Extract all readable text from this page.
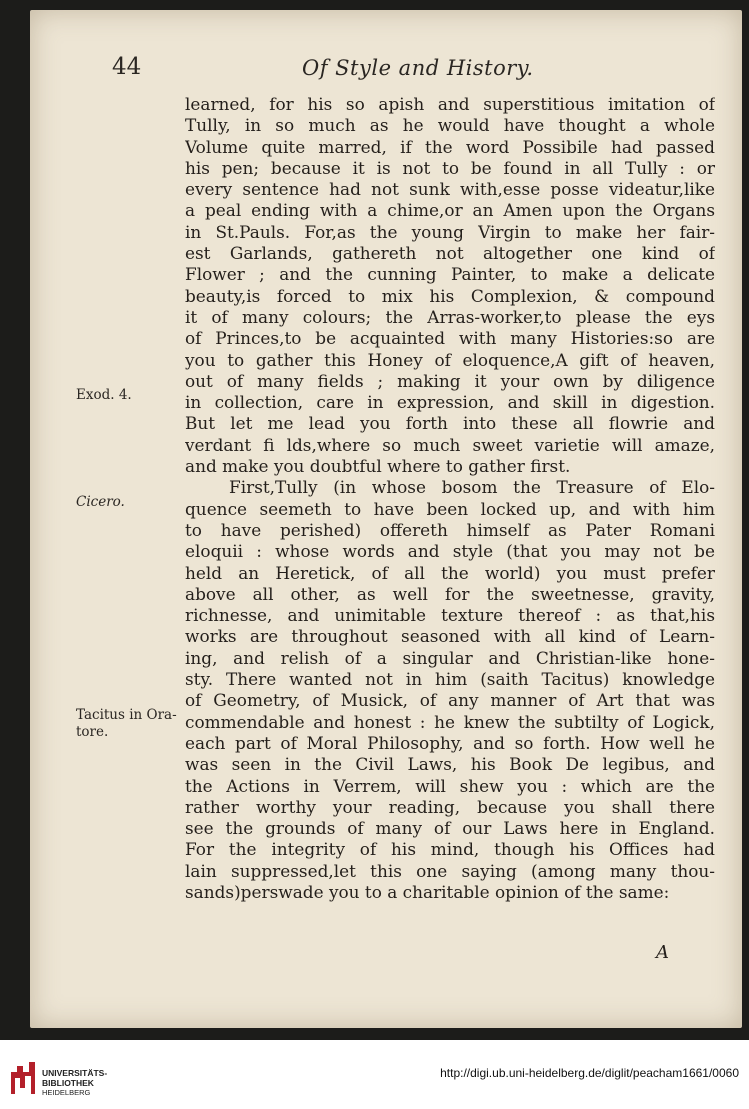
44	Of Style and History.
Exod. 4.
Cicero.
Tacitus in Ora-
tore.
learned, for his so apish and superstitious imitation of
Tully, in so much as he would have thought a whole
Volume quite marred, if the word Possibile had passed
his pen; because it is not to be found in all Tully : or
every sentence had not sunk with,esse posse videatur,like
a peal ending with a chime,or an Amen upon the Organs
in St.Pauls. For,as the young Virgin to make her fair-
est Garlands, gathereth not altogether one kind of
Flower ; and the cunning Painter, to make a delicate
beauty,is forced to mix his Complexion, & compound
it of many colours; the Arras-worker,to please the eys
of Princes,to be acquainted with many Histories:so are
you to gather this Honey of eloquence,A gift of heaven,
out of many fields ; making it your own by diligence
in collection, care in expression, and skill in digestion.
But let me lead you forth into these all flowrie and
verdant fi lds,where so much sweet varietie will amaze,
and make you doubtful where to gather first.
First,Tully (in whose bosom the Treasure of Elo-
quence seemeth to have been locked up, and with him
to have perished) offereth himself as Pater Romani
eloquii : whose words and style (that you may not be
held an Heretick, of all the world) you must prefer
above all other, as well for the sweetnesse, gravity,
richnesse, and unimitable texture thereof : as that,his
works are throughout seasoned with all kind of Learn-
ing, and relish of a singular and Christian-like hone-
sty. There wanted not in him (saith Tacitus) knowledge
of Geometry, of Musick, of any manner of Art that was
commendable and honest : he knew the subtilty of Logick,
each part of Moral Philosophy, and so forth. How well he
was seen in the Civil Laws, his Book De legibus, and
the Actions in Verrem, will shew you : which are the
rather worthy your reading, because you shall there
see the grounds of many of our Laws here in England.
For the integrity of his mind, though his Offices had
lain suppressed,let this one saying (among many thou-
sands)perswade you to a charitable opinion of the same:
A
UNIVERSITÄTS-
BIBLIOTHEK
HEIDELBERG
http://digi.ub.uni-heidelberg.de/diglit/peacham1661/0060
